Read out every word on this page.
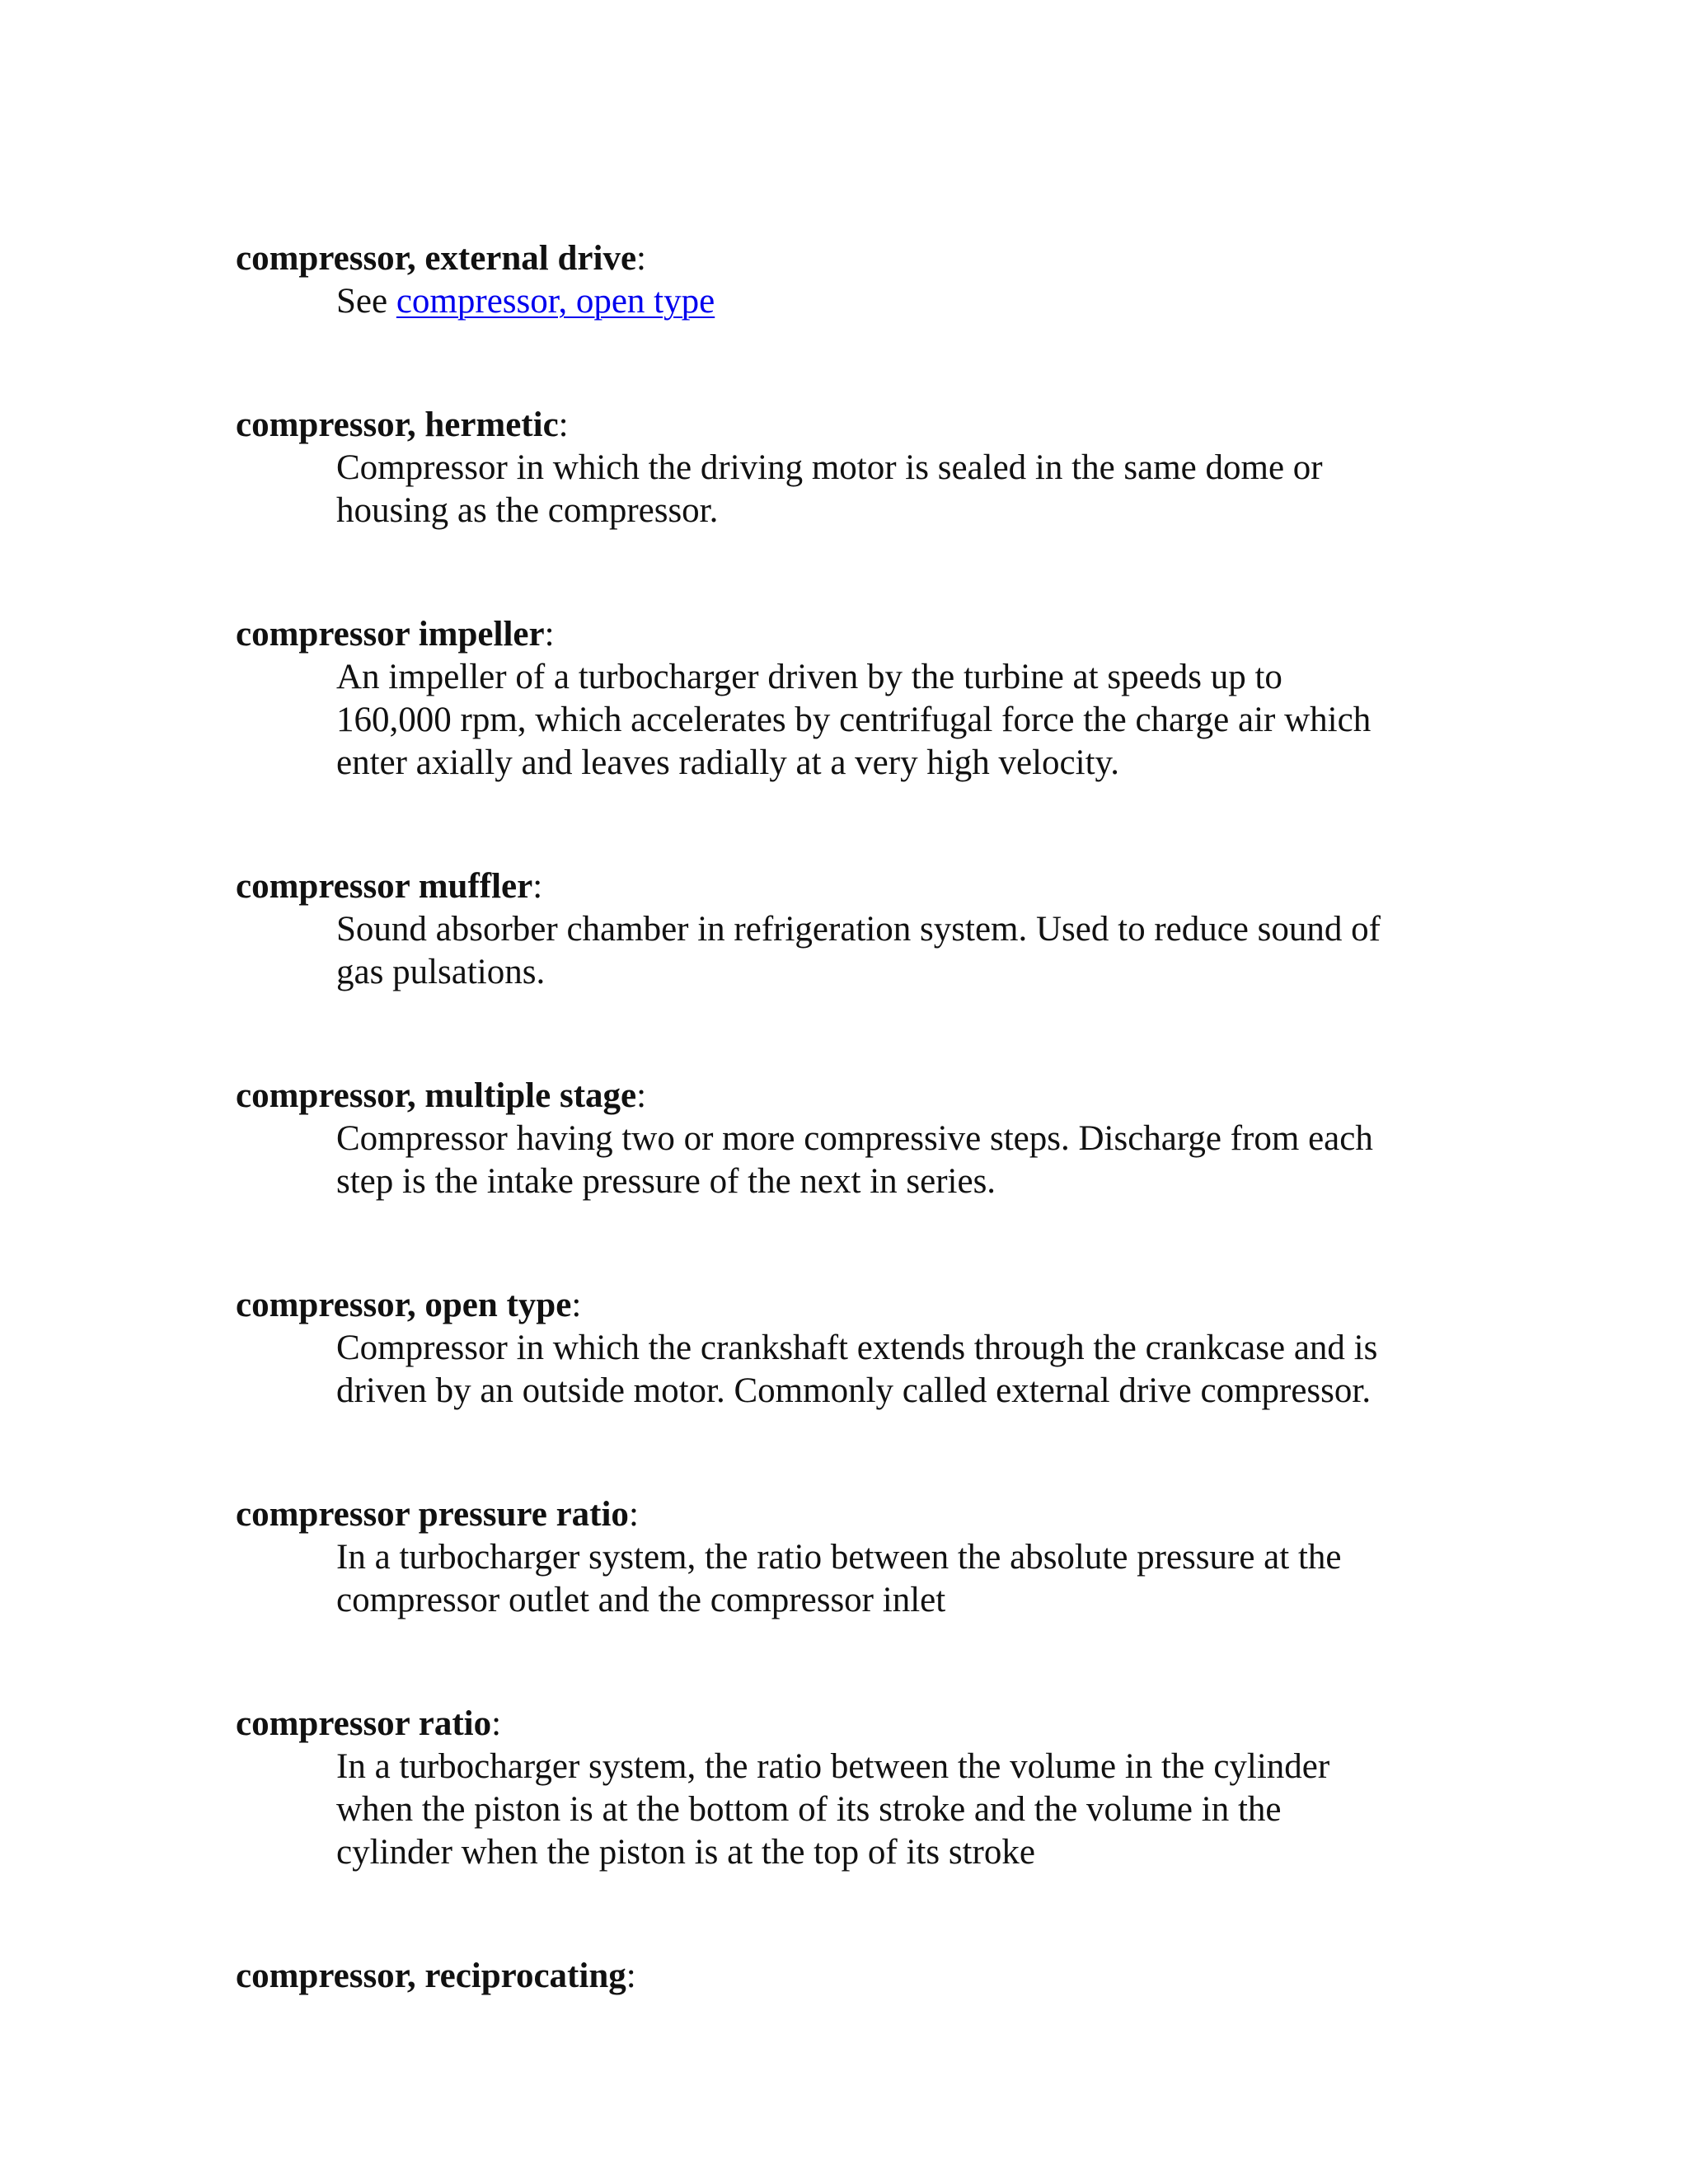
compressor, external drive:

See compressor, open type

compressor, hermetic:

Compressor in which the driving motor is sealed in the same dome or
housing as the compressor.

compressor impeller:

An impeller of a turbocharger driven by the turbine at speeds up to
160,000 rpm, which accelerates by centrifugal force the charge air which
enter axially and leaves radially at a very high velocity.

compressor muffler:

Sound absorber chamber in refrigeration system. Used to reduce sound of
gas pulsations.

compressor, multiple stage:

Compressor having two or more compressive steps. Discharge from each
step is the intake pressure of the next in series.

compressor, open type:

Compressor in which the crankshaft extends through the crankcase and is
driven by an outside motor. Commonly called external drive compressor.

compressor pressure ratio:

In a turbocharger system, the ratio between the absolute pressure at the
compressor outlet and the compressor inlet

compressor ratio:

In a turbocharger system, the ratio between the volume in the cylinder
when the piston is at the bottom of its stroke and the volume in the
cylinder when the piston is at the top of its stroke

compressor, reciprocating:
